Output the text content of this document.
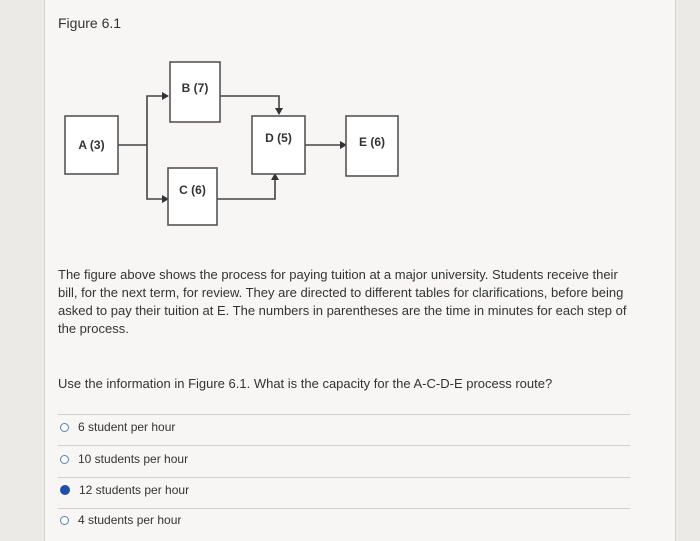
Figure 6.1
A (3)
B (7)
C (6)
D (5)	E (6)
The figure above shows the process for paying tuition at a major university. Students receive their bill, for the next term, for review. They are directed to different tables for clarifications, before being asked to pay their tuition at E. The numbers in parentheses are the time in minutes for each step of the process.
Use the information in Figure 6.1. What is the capacity for the A-C-D-E process route?
6 student per hour
10 students per hour
12 students per hour
4 students per hour
